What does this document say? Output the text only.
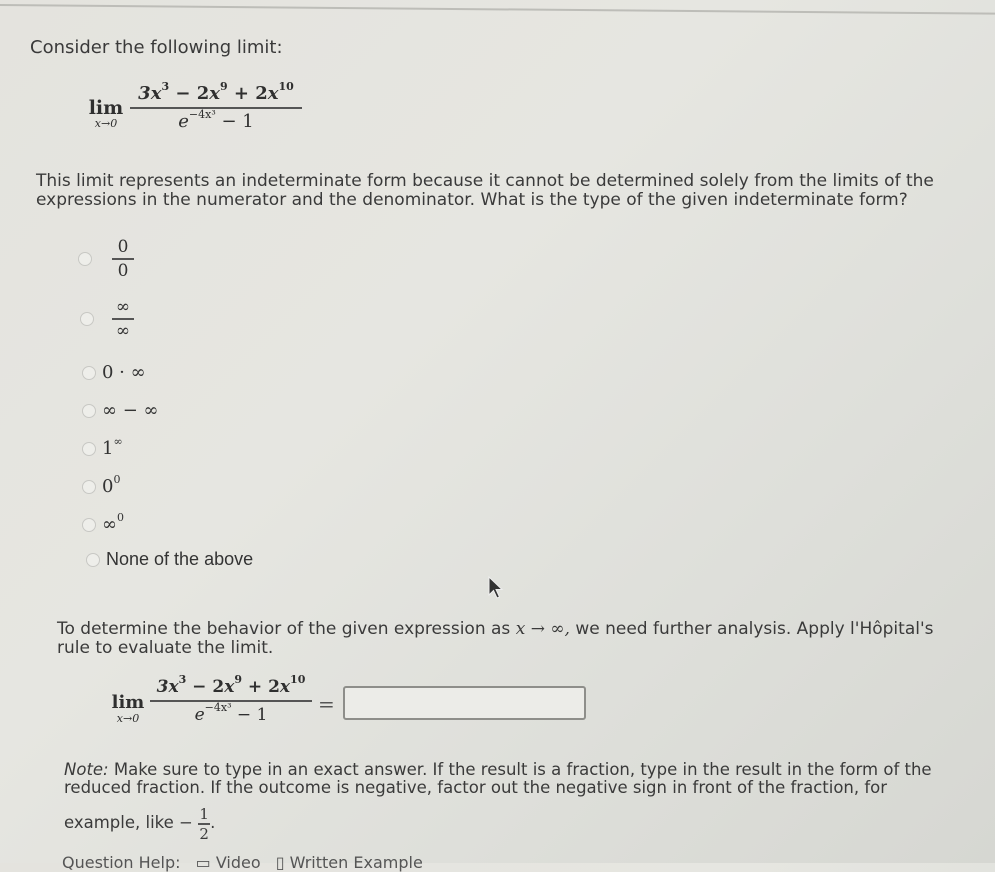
Consider the following limit:
lim
x→0
$3x^3 - 2x^9 + 2x^{10}$
$e^{-4x^3} - 1$
This limit represents an indeterminate form because it cannot be determined solely from the limits of the expressions in the numerator and the denominator. What is the type of the given indeterminate form?
0
0
∞
∞
0 · ∞
∞ − ∞
1∞
$0^0$
∞$^0$
None of the above
To determine the behavior of the given expression as x → ∞, we need further analysis. Apply l'Hôpital's
rule to evaluate the limit.
lim
x→0
$3x^3 - 2x^9 + 2x^{10}$
$e^{-4x^3} - 1$	=
Note: Make sure to type in an exact answer. If the result is a fraction, type in the result in the form of the
reduced fraction. If the outcome is negative, factor out the negative sign in front of the fraction, for
example, like − $\frac{1}{2}$ .
Question Help: ▭ Video ▯ Written Example
